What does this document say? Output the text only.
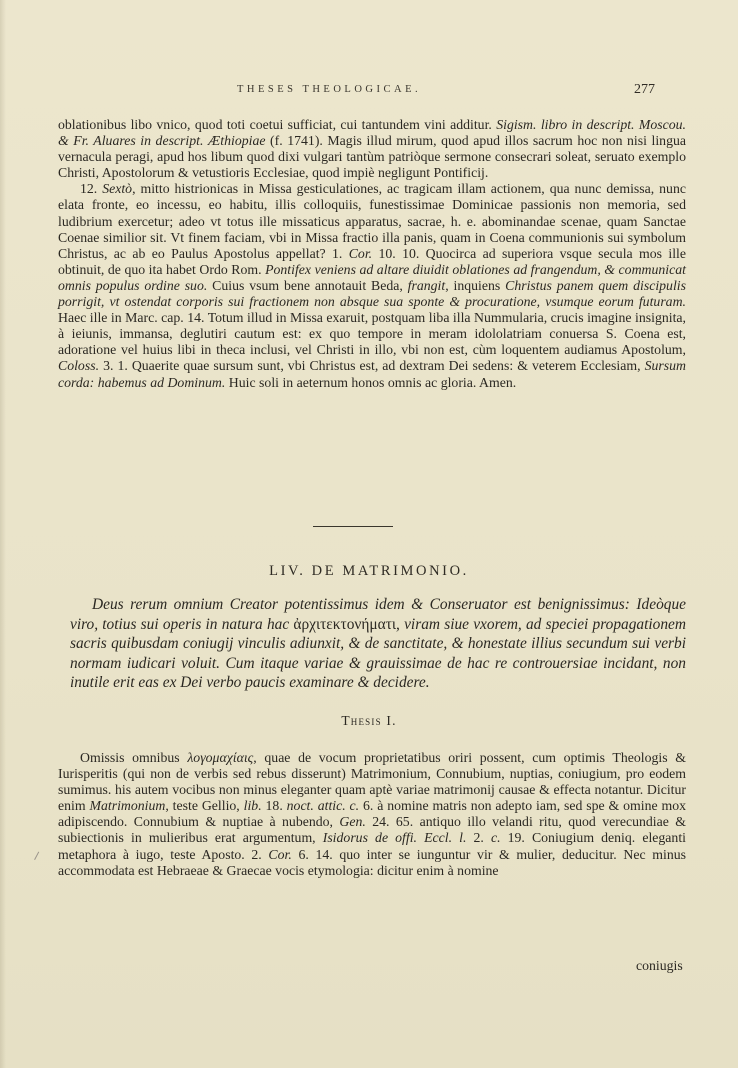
THESES THEOLOGICAE.	277

oblationibus libo vnico, quod toti coetui sufficiat, cui tantundem vini additur. Sigism. libro in descript. Moscou. & Fr. Aluares in descript. Æthiopiae (f. 1741). Magis illud mirum, quod apud illos sacrum hoc non nisi lingua vernacula peragi, apud hos libum quod dixi vulgari tantùm patriòque sermone consecrari soleat, seruato exemplo Christi, Apostolorum & vetustioris Ecclesiae, quod impiè negligunt Pontificij.

12. Sextò, mitto histrionicas in Missa gesticulationes, ac tragicam illam actionem, qua nunc demissa, nunc elata fronte, eo incessu, eo habitu, illis colloquiis, funestissimae Dominicae passionis non memoria, sed ludibrium exercetur; adeo vt totus ille missaticus apparatus, sacrae, h. e. abominandae scenae, quam Sanctae Coenae similior sit. Vt finem faciam, vbi in Missa fractio illa panis, quam in Coena communionis sui symbolum Christus, ac ab eo Paulus Apostolus appellat? 1. Cor. 10. 10. Quocirca ad superiora vsque secula mos ille obtinuit, de quo ita habet Ordo Rom. Pontifex veniens ad altare diuidit oblationes ad frangendum, & communicat omnis populus ordine suo. Cuius vsum bene annotauit Beda, frangit, inquiens Christus panem quem discipulis porrigit, vt ostendat corporis sui fractionem non absque sua sponte & procuratione, vsumque eorum futuram. Haec ille in Marc. cap. 14. Totum illud in Missa exaruit, postquam liba illa Nummularia, crucis imagine insignita, à ieiunis, immansa, deglutiri cautum est: ex quo tempore in meram idololatriam conuersa S. Coena est, adoratione vel huius libi in theca inclusi, vel Christi in illo, vbi non est, cùm loquentem audiamus Apostolum, Coloss. 3. 1. Quaerite quae sursum sunt, vbi Christus est, ad dextram Dei sedens: & veterem Ecclesiam, Sursum corda: habemus ad Dominum. Huic soli in aeternum honos omnis ac gloria. Amen.

LIV. DE MATRIMONIO.

Deus rerum omnium Creator potentissimus idem & Conseruator est benignissimus: Ideòque viro, totius sui operis in natura hac ἀρχιτεκτονήματι, viram siue vxorem, ad speciei propagationem sacris quibusdam coniugij vinculis adiunxit, & de sanctitate, & honestate illius secundum sui verbi normam iudicari voluit. Cum itaque variae & grauissimae de hac re controuersiae incidant, non inutile erit eas ex Dei verbo paucis examinare & decidere.

Thesis I.

Omissis omnibus λογομαχίαις, quae de vocum proprietatibus oriri possent, cum optimis Theologis & Iurisperitis (qui non de verbis sed rebus disserunt) Matrimonium, Connubium, nuptias, coniugium, pro eodem sumimus. his autem vocibus non minus eleganter quam aptè variae matrimonij causae & effecta notantur. Dicitur enim Matrimonium, teste Gellio, lib. 18. noct. attic. c. 6. à nomine matris non adepto iam, sed spe & omine mox adipiscendo. Connubium & nuptiae à nubendo, Gen. 24. 65. antiquo illo velandi ritu, quod verecundiae & subiectionis in mulieribus erat argumentum, Isidorus de offi. Eccl. l. 2. c. 19. Coniugium deniq. eleganti metaphora à iugo, teste Aposto. 2. Cor. 6. 14. quo inter se iunguntur vir & mulier, deducitur. Nec minus accommodata est Hebraeae & Graecae vocis etymologia: dicitur enim à nomine

coniugis
